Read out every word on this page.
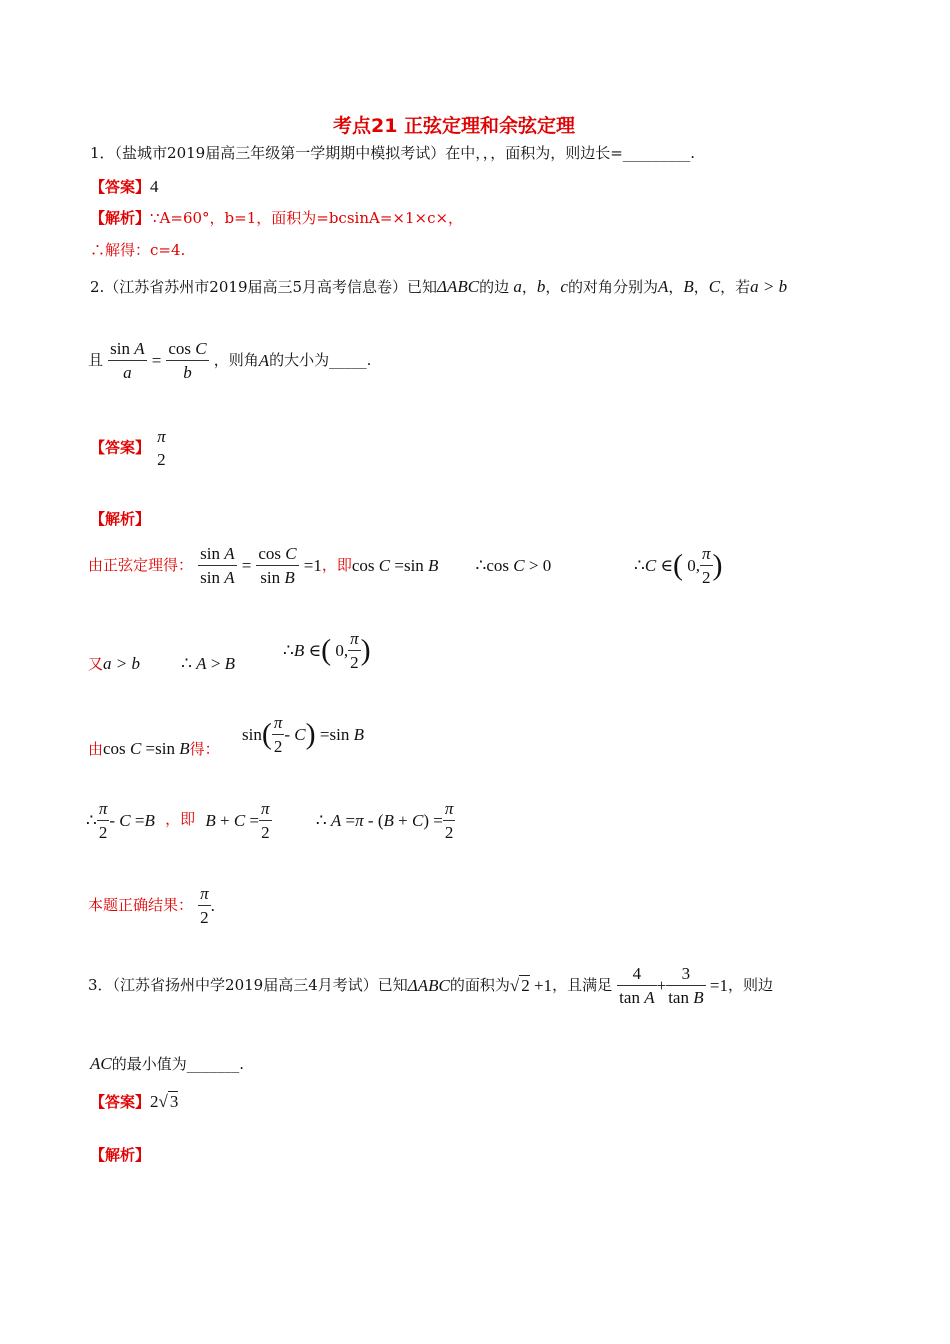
考点21 正弦定理和余弦定理
1．（盐城市2019届高三年级第一学期期中模拟考试）在中，，，面积为，则边长=_________.
【答案】4
【解析】∵A=60°，b=1，面积为=bcsinA=×1×c×，
∴解得：c=4.
2.（江苏省苏州市2019届高三5月高考信息卷）已知ΔABC的边 a，b，c的对角分别为A，B，C，若a > b
且 $\frac{\text{sin A}}{a} = \frac{\text{cos C}}{b}$ ，则角A的大小为_____.
【答案】
π
2
【解析】
由正弦定理得： $\frac{\text{sin A}}{\text{sin A}} = \frac{\text{cos C}}{\text{sin B}} =1$，即cos C =sin B ∴cos C > 0	∴C ∈( 0, $\frac{\pi}{2}$ )
又a > b ∴ A > B
∴B ∈( 0, $\frac{\pi}{2}$ )
由cos C =sin B得：
$\sin( \frac{\pi}{2} - C) =\sin$ B
∴ $\frac{\pi}{2} - C =B$ ，即 $B + C = \frac{\pi}{2}$	∴ $A =\pi - (B + C) = \frac{\pi}{2}$
本题正确结果： $\frac{\pi}{2}$ .
3．（江苏省扬州中学2019届高三4月考试）已知ΔABC的面积为√ 2 +1，且满足 $\frac{4}{\text{tan A}} + \frac{3}{\text{tan B}} =1$，则边
AC的最小值为_______.
【答案】2√ 3
【解析】
